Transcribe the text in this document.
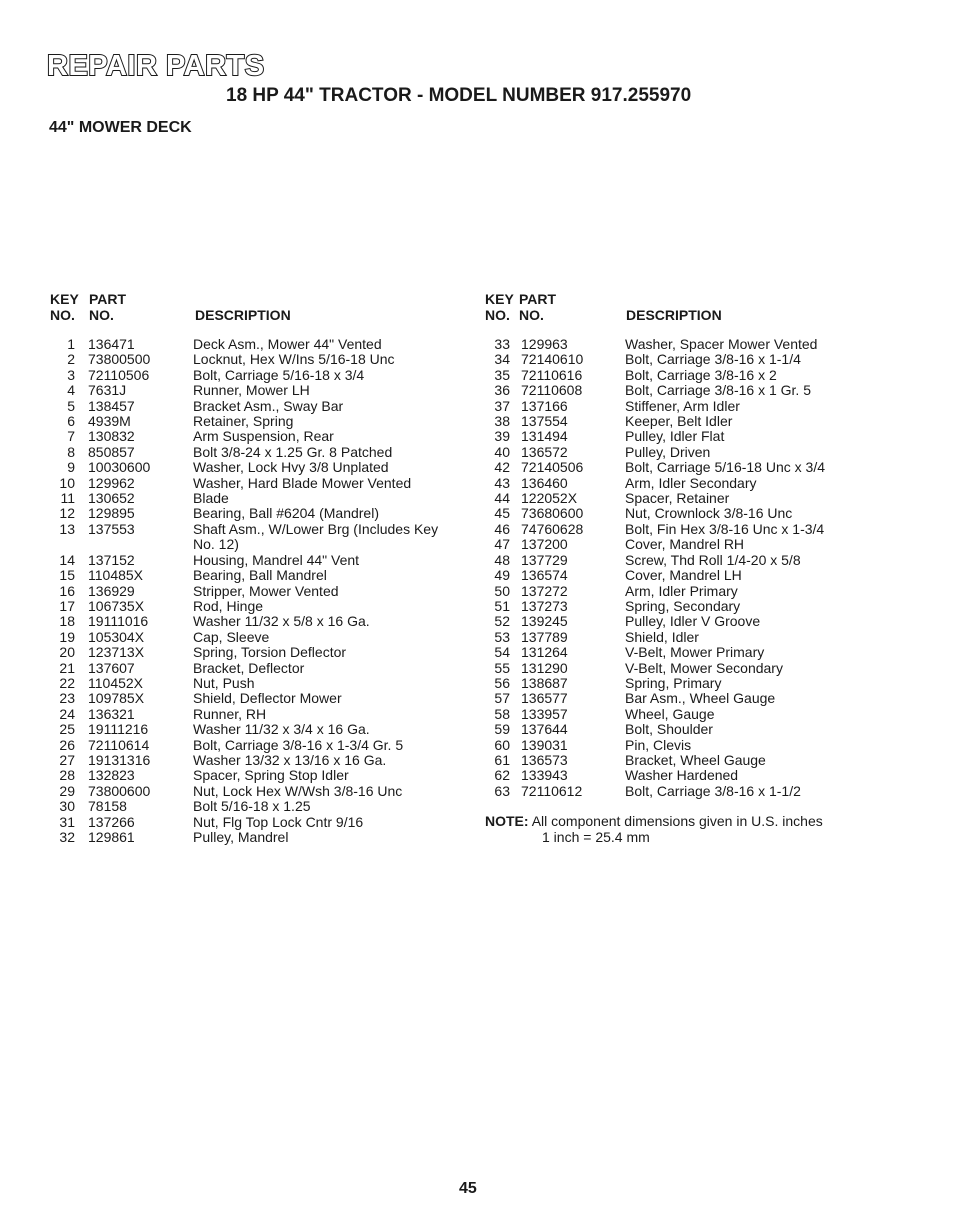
REPAIR PARTS
18 HP 44" TRACTOR - MODEL NUMBER 917.255970
44" MOWER DECK
KEY
NO.
PART
NO.	DESCRIPTION
1 136471	Deck Asm., Mower 44" Vented
2 73800500	Locknut, Hex W/Ins 5/16-18 Unc
3 72110506	Bolt, Carriage 5/16-18 x 3/4
4 7631J	Runner, Mower LH
5 138457	Bracket Asm., Sway Bar
6 4939M	Retainer, Spring
7 130832	Arm Suspension, Rear
8 850857	Bolt 3/8-24 x 1.25 Gr. 8 Patched
9 10030600	Washer, Lock Hvy 3/8 Unplated
10 129962	Washer, Hard Blade Mower Vented
11 130652	Blade
12 129895	Bearing, Ball #6204 (Mandrel)
13 137553	Shaft Asm., W/Lower Brg (Includes Key No. 12)
14 137152	Housing, Mandrel 44" Vent
15 110485X	Bearing, Ball Mandrel
16 136929	Stripper, Mower Vented
17 106735X	Rod, Hinge
18 19111016	Washer 11/32 x 5/8 x 16 Ga.
19 105304X	Cap, Sleeve
20 123713X	Spring, Torsion Deflector
21 137607	Bracket, Deflector
22 110452X	Nut, Push
23 109785X	Shield, Deflector Mower
24 136321	Runner, RH
25 19111216	Washer 11/32 x 3/4 x 16 Ga.
26 72110614	Bolt, Carriage 3/8-16 x 1-3/4 Gr. 5
27 19131316	Washer 13/32 x 13/16 x 16 Ga.
28 132823	Spacer, Spring Stop Idler
29 73800600	Nut, Lock Hex W/Wsh 3/8-16 Unc
30 78158	Bolt 5/16-18 x 1.25
31 137266	Nut, Flg Top Lock Cntr 9/16
32 129861	Pulley, Mandrel
KEY
NO.
PART
NO.	DESCRIPTION
33 129963	Washer, Spacer Mower Vented
34 72140610	Bolt, Carriage 3/8-16 x 1-1/4
35 72110616	Bolt, Carriage 3/8-16 x 2
36 72110608	Bolt, Carriage 3/8-16 x 1 Gr. 5
37 137166	Stiffener, Arm Idler
38 137554	Keeper, Belt Idler
39 131494	Pulley, Idler Flat
40 136572	Pulley, Driven
42 72140506	Bolt, Carriage 5/16-18 Unc x 3/4
43 136460	Arm, Idler Secondary
44 122052X	Spacer, Retainer
45 73680600	Nut, Crownlock 3/8-16 Unc
46 74760628	Bolt, Fin Hex 3/8-16 Unc x 1-3/4
47 137200	Cover, Mandrel RH
48 137729	Screw, Thd Roll 1/4-20 x 5/8
49 136574	Cover, Mandrel LH
50 137272	Arm, Idler Primary
51 137273	Spring, Secondary
52 139245	Pulley, Idler V Groove
53 137789	Shield, Idler
54 131264	V-Belt, Mower Primary
55 131290	V-Belt, Mower Secondary
56 138687	Spring, Primary
57 136577	Bar Asm., Wheel Gauge
58 133957	Wheel, Gauge
59 137644	Bolt, Shoulder
60 139031	Pin, Clevis
61 136573	Bracket, Wheel Gauge
62 133943	Washer Hardened
63 72110612	Bolt, Carriage 3/8-16 x 1-1/2
NOTE: All component dimensions given in U.S. inches
1 inch = 25.4 mm
45
